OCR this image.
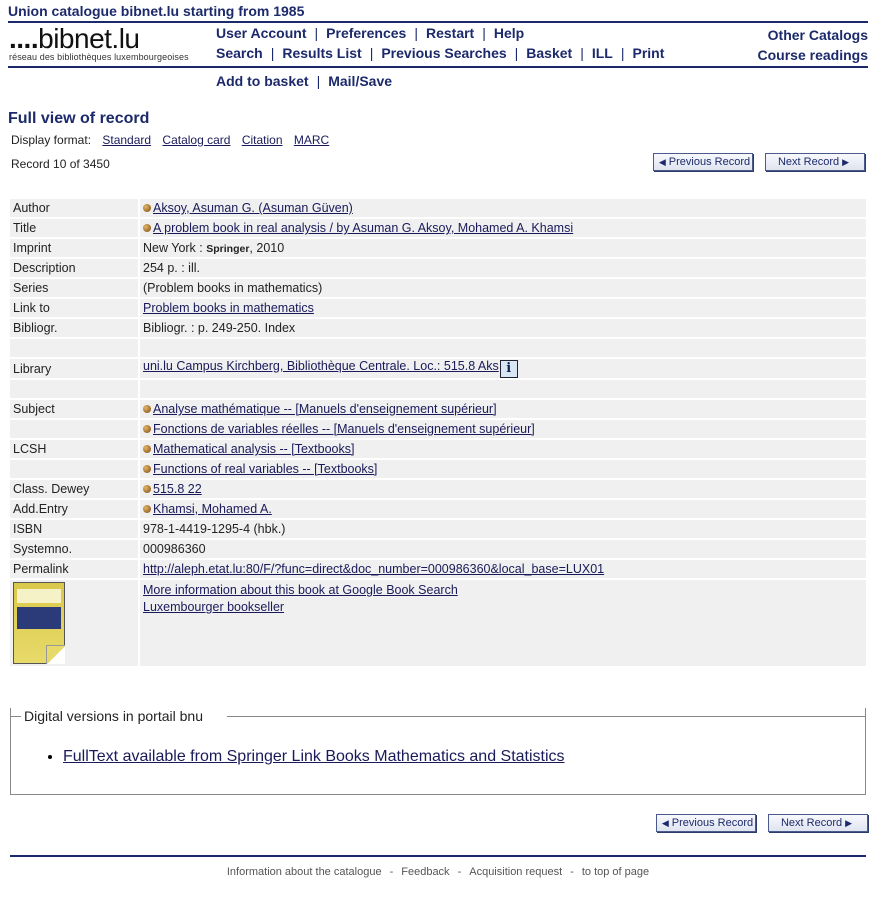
Union catalogue bibnet.lu starting from 1985
....bibnet.lu
réseau des bibliothèques luxembourgeoises
User Account | Preferences | Restart | Help
Search | Results List | Previous Searches | Basket | ILL | Print
Other Catalogs
Course readings
Add to basket | Mail/Save
Full view of record
Display format: Standard Catalog card Citation MARC
Record 10 of 3450	◀ Previous Record	Next Record ▶
Author	Aksoy, Asuman G. (Asuman Güven)
Title	A problem book in real analysis / by Asuman G. Aksoy, Mohamed A. Khamsi
Imprint	New York : Springer, 2010
Description	254 p. : ill.
Series	(Problem books in mathematics)
Link to	Problem books in mathematics
Bibliogr.	Bibliogr. : p. 249-250. Index

Library	uni.lu Campus Kirchberg, Bibliothèque Centrale. Loc.: 515.8 Aks i

Subject	Analyse mathématique -- [Manuels d'enseignement supérieur]
	Fonctions de variables réelles -- [Manuels d'enseignement supérieur]
LCSH	Mathematical analysis -- [Textbooks]
	Functions of real variables -- [Textbooks]
Class. Dewey	515.8 22
Add.Entry	Khamsi, Mohamed A.
ISBN	978-1-4419-1295-4 (hbk.)
Systemno.	000986360
Permalink	http://aleph.etat.lu:80/F/?func=direct&doc_number=000986360&local_base=LUX01

	More information about this book at Google Book Search
Luxembourger bookseller
Digital versions in portail bnu
• FullText available from Springer Link Books Mathematics and Statistics
◀ Previous Record	Next Record ▶
Information about the catalogue - Feedback - Acquisition request - to top of page
